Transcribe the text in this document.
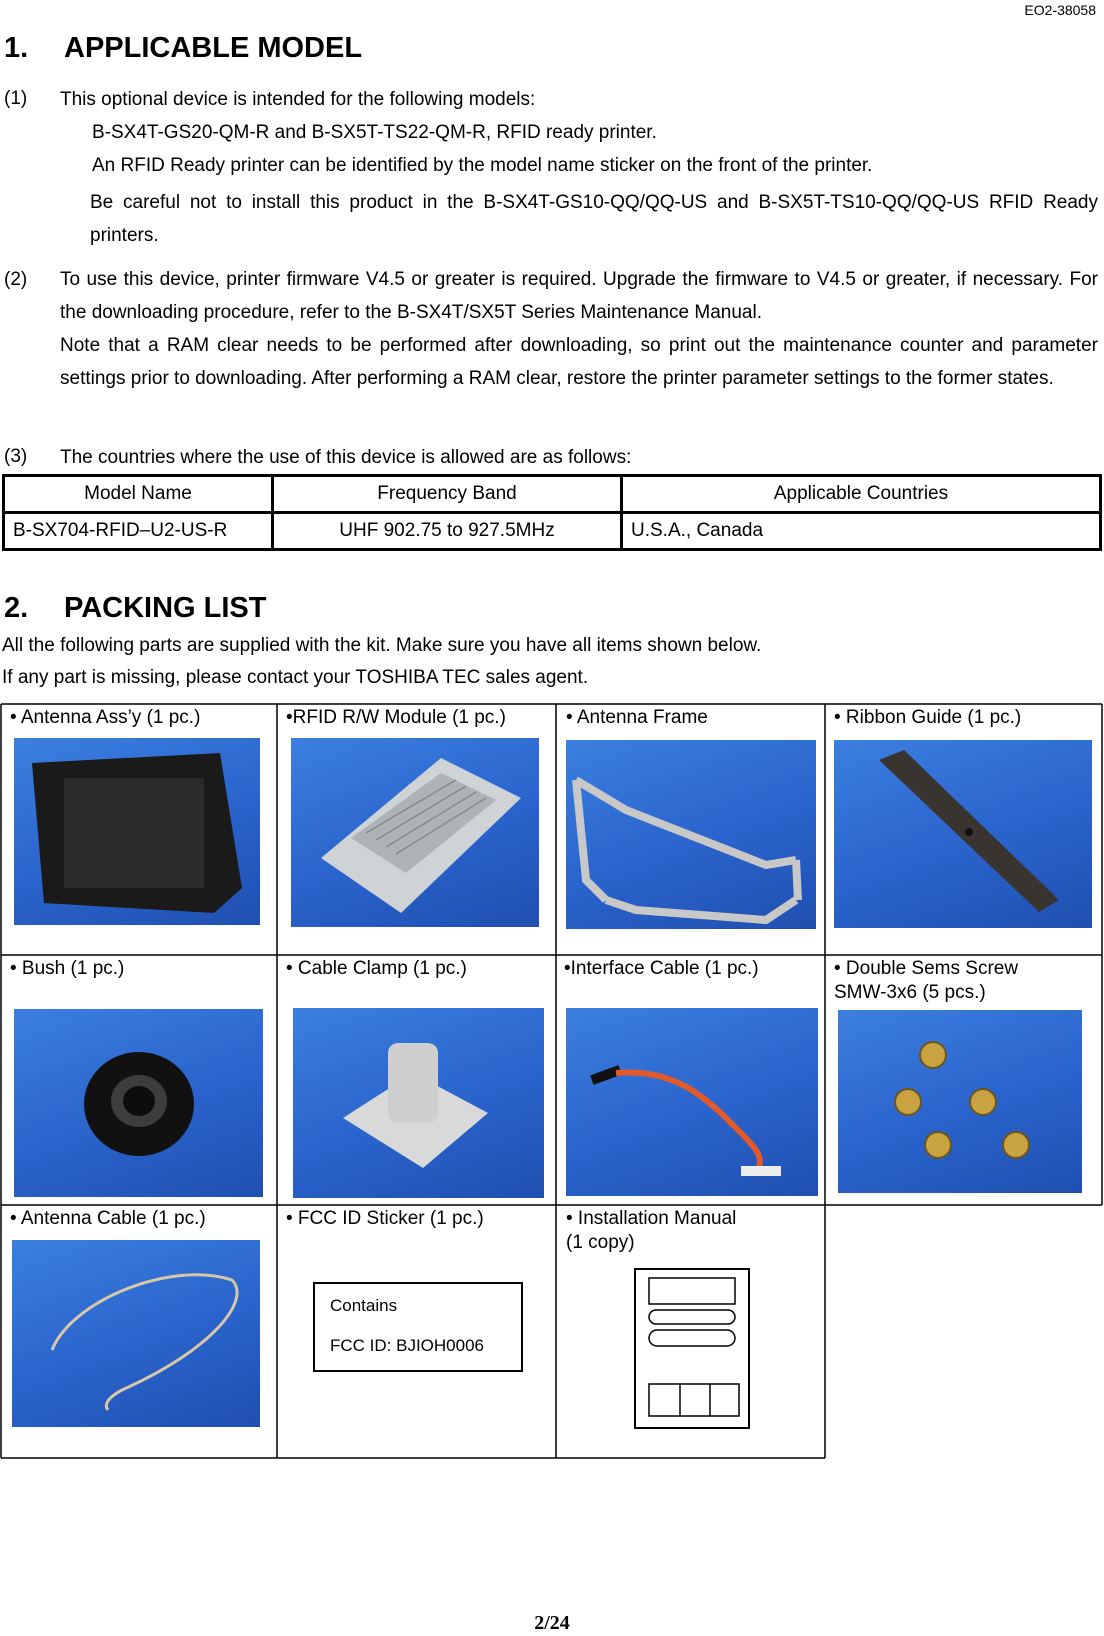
EO2-38058
1. APPLICABLE MODEL
(1) This optional device is intended for the following models:
B-SX4T-GS20-QM-R and B-SX5T-TS22-QM-R, RFID ready printer.
An RFID Ready printer can be identified by the model name sticker on the front of the printer.
Be careful not to install this product in the B-SX4T-GS10-QQ/QQ-US and B-SX5T-TS10-QQ/QQ-US RFID Ready printers.
(2) To use this device, printer firmware V4.5 or greater is required. Upgrade the firmware to V4.5 or greater, if necessary. For the downloading procedure, refer to the B-SX4T/SX5T Series Maintenance Manual.
Note that a RAM clear needs to be performed after downloading, so print out the maintenance counter and parameter settings prior to downloading. After performing a RAM clear, restore the printer parameter settings to the former states.
(3) The countries where the use of this device is allowed are as follows:
Model Name	Frequency Band	Applicable Countries
B-SX704-RFID–U2-US-R	UHF 902.75 to 927.5MHz	U.S.A., Canada
2. PACKING LIST
All the following parts are supplied with the kit. Make sure you have all items shown below.
If any part is missing, please contact your TOSHIBA TEC sales agent.
• Antenna Ass’y (1 pc.)	•RFID R/W Module (1 pc.)	• Antenna Frame	• Ribbon Guide (1 pc.)
• Bush (1 pc.)	• Cable Clamp (1 pc.)	•Interface Cable (1 pc.)	• Double Sems Screw
SMW-3x6 (5 pcs.)
• Antenna Cable (1 pc.)	• FCC ID Sticker (1 pc.)
Contains
FCC ID: BJIOH0006
• Installation Manual
(1 copy)
2/24
